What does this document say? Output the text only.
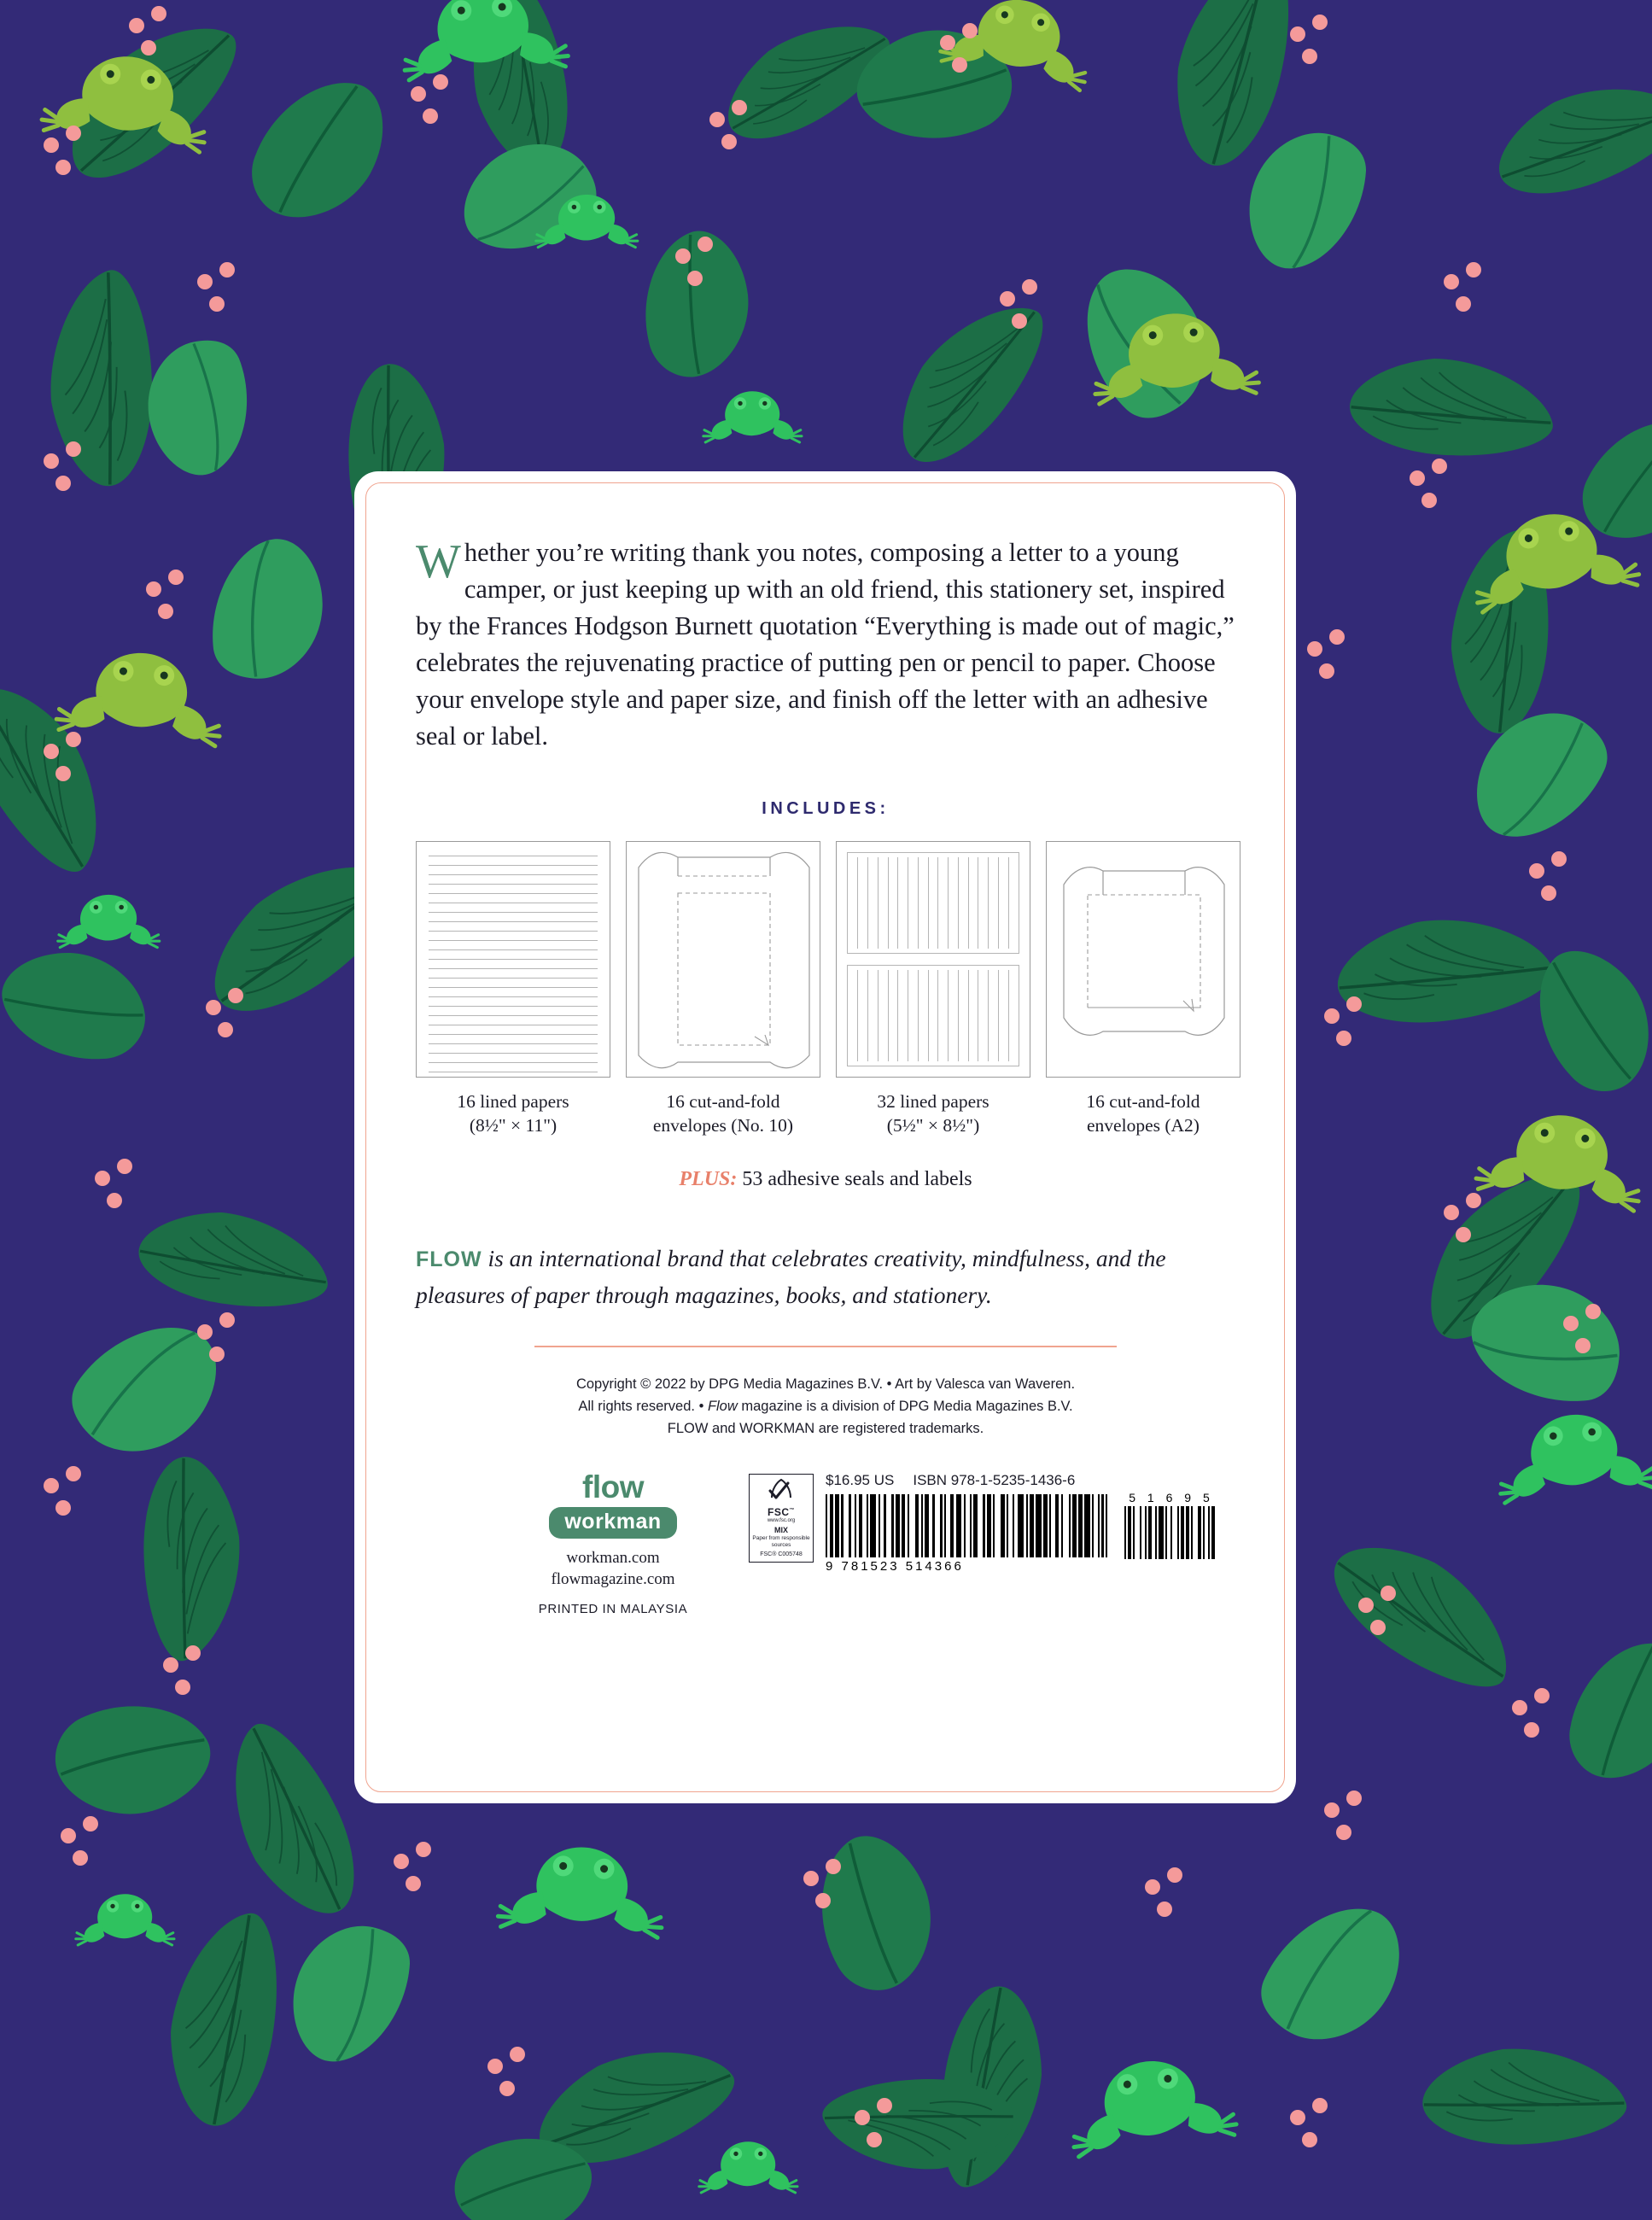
Whether you’re writing thank you notes, composing a letter to a young camper, or just keeping up with an old friend, this stationery set, inspired by the Frances Hodgson Burnett quotation “Everything is made out of magic,” celebrates the rejuvenating practice of putting pen or pencil to paper. Choose your envelope style and paper size, and finish off the letter with an adhesive seal or label.

INCLUDES:
16 lined papers
(8½" × 11")
16 cut-and-fold
envelopes (No. 10)
32 lined papers
(5½" × 8½")
16 cut-and-fold
envelopes (A2)
PLUS: 53 adhesive seals and labels

FLOW is an international brand that celebrates creativity, mindfulness, and the pleasures of paper through magazines, books, and stationery.

Copyright © 2022 by DPG Media Magazines B.V. • Art by Valesca van Waveren.
All rights reserved. • Flow magazine is a division of DPG Media Magazines B.V.
FLOW and WORKMAN are registered trademarks.
flow
workman
workman.com
flowmagazine.com
PRINTED IN MALAYSIA
FSC™
www.fsc.org
MIX
Paper from responsible sources
FSC® C005748
$16.95 US ISBN 978-1-5235-1436-6
9 781523 514366
5 1 6 9 5
